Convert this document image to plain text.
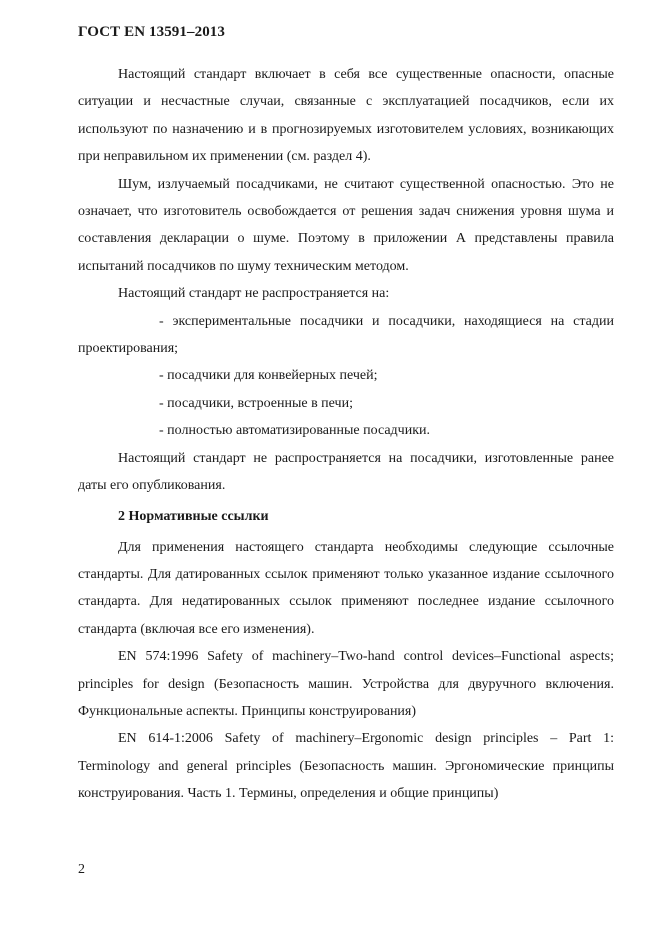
ГОСТ EN 13591–2013

Настоящий стандарт включает в себя все существенные опасности, опасные ситуации и несчастные случаи, связанные с эксплуатацией посадчиков, если их используют по назначению и в прогнозируемых изготовителем условиях, возникающих при неправильном их применении (см. раздел 4).

Шум, излучаемый посадчиками, не считают существенной опасностью. Это не означает, что изготовитель освобождается от решения задач снижения уровня шума и составления декларации о шуме. Поэтому в приложении А представлены правила испытаний посадчиков по шуму техническим методом.

Настоящий стандарт не распространяется на:

- экспериментальные посадчики и посадчики, находящиеся на стадии проектирования;

- посадчики для конвейерных печей;

- посадчики, встроенные в печи;

- полностью автоматизированные посадчики.

Настоящий стандарт не распространяется на посадчики, изготовленные ранее даты его опубликования.

2 Нормативные ссылки

Для применения настоящего стандарта необходимы следующие ссылочные стандарты. Для датированных ссылок применяют только указанное издание ссылочного стандарта. Для недатированных ссылок применяют последнее издание ссылочного стандарта (включая все его изменения).

EN 574:1996 Safety of machinery–Two-hand control devices–Functional aspects; principles for design (Безопасность машин. Устройства для двуручного включения. Функциональные аспекты. Принципы конструирования)

EN 614-1:2006 Safety of machinery–Ergonomic design principles – Part 1: Terminology and general principles (Безопасность машин. Эргономические принципы конструирования. Часть 1. Термины, определения и общие принципы)

2
